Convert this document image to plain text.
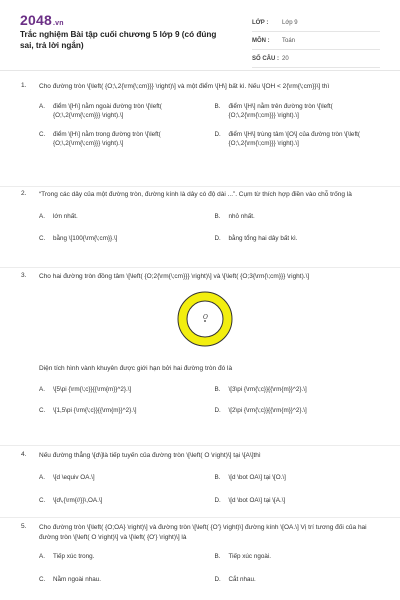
2048.vn
Trắc nghiệm Bài tập cuối chương 5 lớp 9 (có đúng sai, trả lời ngắn)
LỚP :	Lớp 9
MÔN :	Toán
SỐ CÂU : 20
1. Cho đường tròn \[\left( {O;\,2{\rm{\;cm}}} \right)\] và một điểm \[H\] bất kì. Nếu \[OH < 2{\rm{\;cm}}\] thì
A.	điểm \[H\] nằm ngoài đường tròn \[\left( {O;\,2{\rm{\;cm}}} \right).\]
B.	điểm \[H\] nằm trên đường tròn \[\left( {O;\,2{\rm{\;cm}}} \right).\]
C.	điểm \[H\] nằm trong đường tròn \[\left( {O;\,2{\rm{\;cm}}} \right).\]
D.	điểm \[H\] trùng tâm \[O\] của đường tròn \[\left( {O;\,2{\rm{\;cm}}} \right).\]
2. “Trong các dây của một đường tròn, đường kính là dây có độ dài ...”. Cụm từ thích hợp điền vào chỗ trống là
A.	lớn nhất.	B.	nhỏ nhất.
C.	bằng \[100{\rm{\;cm}}.\]	D.	bằng tổng hai dây bất kì.
3. Cho hai đường tròn đồng tâm \[\left( {O;2{\rm{\;cm}}} \right)\] và \[\left( {O;3{\rm{\;cm}}} \right).\]
O
Diện tích hình vành khuyên được giới hạn bởi hai đường tròn đó là
A.	\[5\pi {\rm{\;c}}{{\rm{m}}^2}.\]	B.	\[3\pi {\rm{\;c}}{{\rm{m}}^2}.\]
C.	\[1,5\pi {\rm{\;c}}{{\rm{m}}^2}.\]	D.	\[2\pi {\rm{\;c}}{{\rm{m}}^2}.\]
4. Nếu đường thẳng \[d\]là tiếp tuyến của đường tròn \[\left( O \right)\] tại \[A\]thì
A.	\[d \equiv OA.\]	B.	\[d \bot OA\] tại \[O.\]
C.	\[d\,{\rm{//}}\,OA.\]	D.	\[d \bot OA\] tại \[A.\]
5. Cho đường tròn \[\left( {O;OA} \right)\] và đường tròn \[\left( {O'} \right)\] đường kính \[OA.\] Vị trí tương đối của hai đường tròn \[\left( O \right)\] và \[\left( {O'} \right)\] là
A.	Tiếp xúc trong.	B.	Tiếp xúc ngoài.
C.	Nằm ngoài nhau.	D.	Cắt nhau.
